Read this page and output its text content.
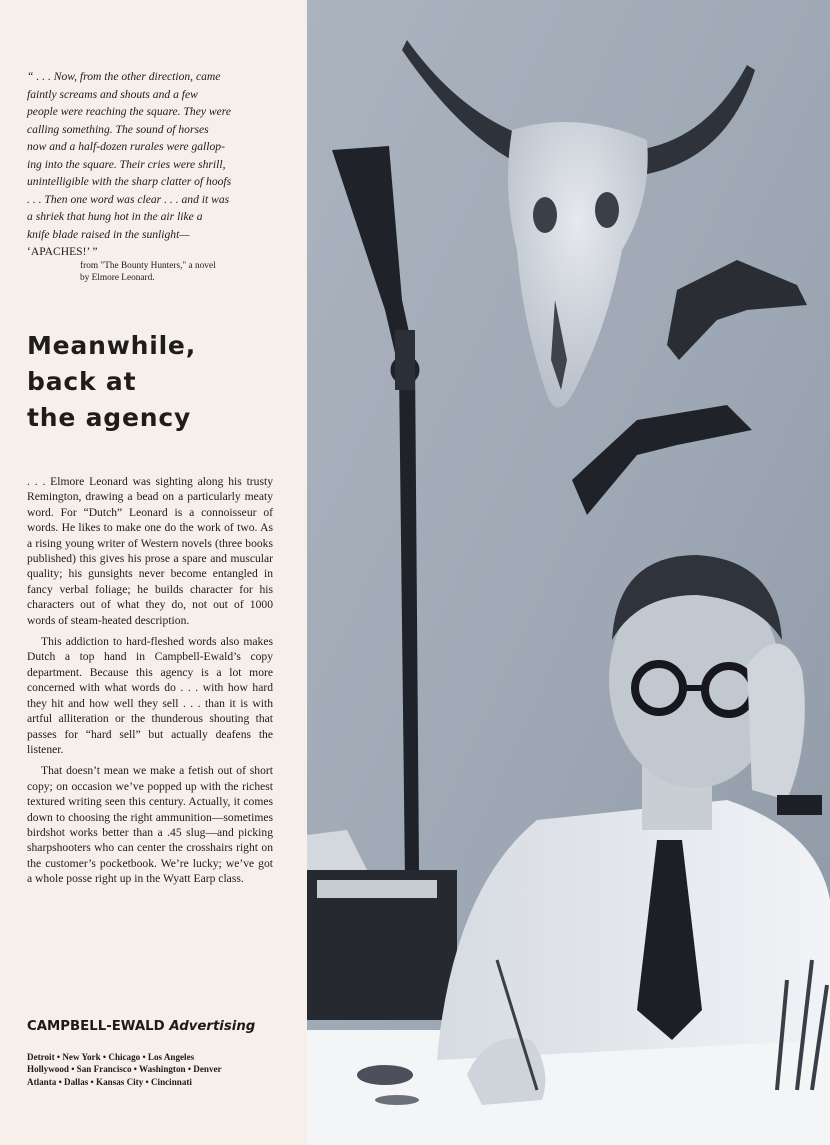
“ . . . Now, from the other direction, came
faintly screams and shouts and a few
people were reaching the square. They were
calling something. The sound of horses
now and a half-dozen rurales were gallop-
ing into the square. Their cries were shrill,
unintelligible with the sharp clatter of hoofs
. . . Then one word was clear . . . and it was
a shriek that hung hot in the air like a
knife blade raised in the sunlight—
‘APACHES!’ ”
from "The Bounty Hunters," a novel
by Elmore Leonard.
Meanwhile,
back at
the agency

. . . Elmore Leonard was sighting along his trusty Remington, drawing a bead on a particularly meaty word. For “Dutch” Leonard is a connoisseur of words. He likes to make one do the work of two. As a rising young writer of Western novels (three books published) this gives his prose a spare and muscular quality; his gunsights never become entangled in fancy verbal foliage; he builds character for his characters out of what they do, not out of 1000 words of steam-heated description.

This addiction to hard-fleshed words also makes Dutch a top hand in Campbell-Ewald’s copy department. Because this agency is a lot more concerned with what words do . . . with how hard they hit and how well they sell . . . than it is with artful alliteration or the thunderous shouting that passes for “hard sell” but actually deafens the listener.

That doesn’t mean we make a fetish out of short copy; on occasion we’ve popped up with the richest textured writing seen this century. Actually, it comes down to choosing the right ammunition—sometimes birdshot works better than a .45 slug—and picking sharpshooters who can center the crosshairs right on the customer’s pocketbook. We’re lucky; we’ve got a whole posse right up in the Wyatt Earp class.

CAMPBELL-EWALD Advertising
Detroit • New York • Chicago • Los Angeles
Hollywood • San Francisco • Washington • Denver
Atlanta • Dallas • Kansas City • Cincinnati
